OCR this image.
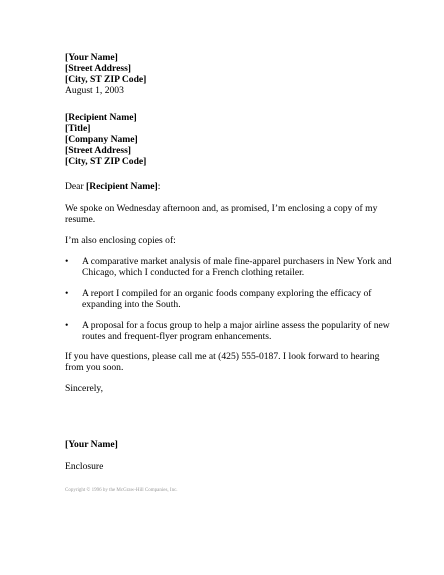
[Your Name]
[Street Address]
[City, ST ZIP Code]
August 1, 2003
[Recipient Name]
[Title]
[Company Name]
[Street Address]
[City, ST ZIP Code]
Dear [Recipient Name]:

We spoke on Wednesday afternoon and, as promised, I’m enclosing a copy of my resume.

I’m also enclosing copies of:

• A comparative market analysis of male fine-apparel purchasers in New York and Chicago, which I conducted for a French clothing retailer.
• A report I compiled for an organic foods company exploring the efficacy of expanding into the South.
• A proposal for a focus group to help a major airline assess the popularity of new routes and frequent-flyer program enhancements.

If you have questions, please call me at (425) 555-0187. I look forward to hearing from you soon.

Sincerely,
[Your Name]
Enclosure
Copyright © 1996 by the McGraw-Hill Companies, Inc.
